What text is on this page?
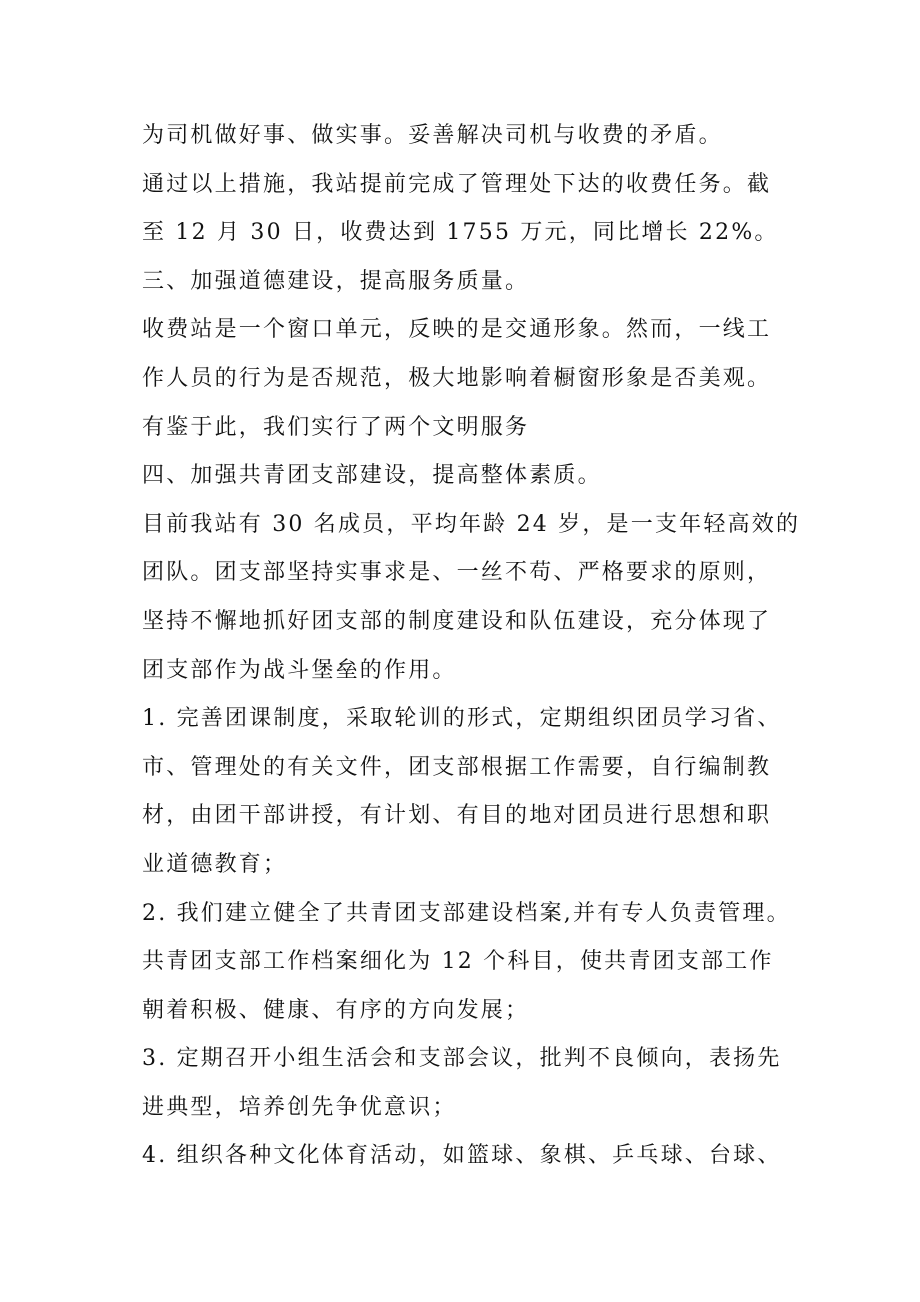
为司机做好事、做实事。妥善解决司机与收费的矛盾。

通过以上措施，我站提前完成了管理处下达的收费任务。截

至 12 月 30 日，收费达到 1755 万元，同比增长 22%。

三、加强道德建设，提高服务质量。

收费站是一个窗口单元，反映的是交通形象。然而，一线工

作人员的行为是否规范，极大地影响着橱窗形象是否美观。

有鉴于此，我们实行了两个文明服务

四、加强共青团支部建设，提高整体素质。

目前我站有 30 名成员，平均年龄 24 岁，是一支年轻高效的

团队。团支部坚持实事求是、一丝不苟、严格要求的原则，

坚持不懈地抓好团支部的制度建设和队伍建设，充分体现了

团支部作为战斗堡垒的作用。

1. 完善团课制度，采取轮训的形式，定期组织团员学习省、

市、管理处的有关文件，团支部根据工作需要，自行编制教

材，由团干部讲授，有计划、有目的地对团员进行思想和职

业道德教育；

2. 我们建立健全了共青团支部建设档案,并有专人负责管理。

共青团支部工作档案细化为 12 个科目，使共青团支部工作

朝着积极、健康、有序的方向发展；

3. 定期召开小组生活会和支部会议，批判不良倾向，表扬先

进典型，培养创先争优意识；

4. 组织各种文化体育活动，如篮球、象棋、乒乓球、台球、
